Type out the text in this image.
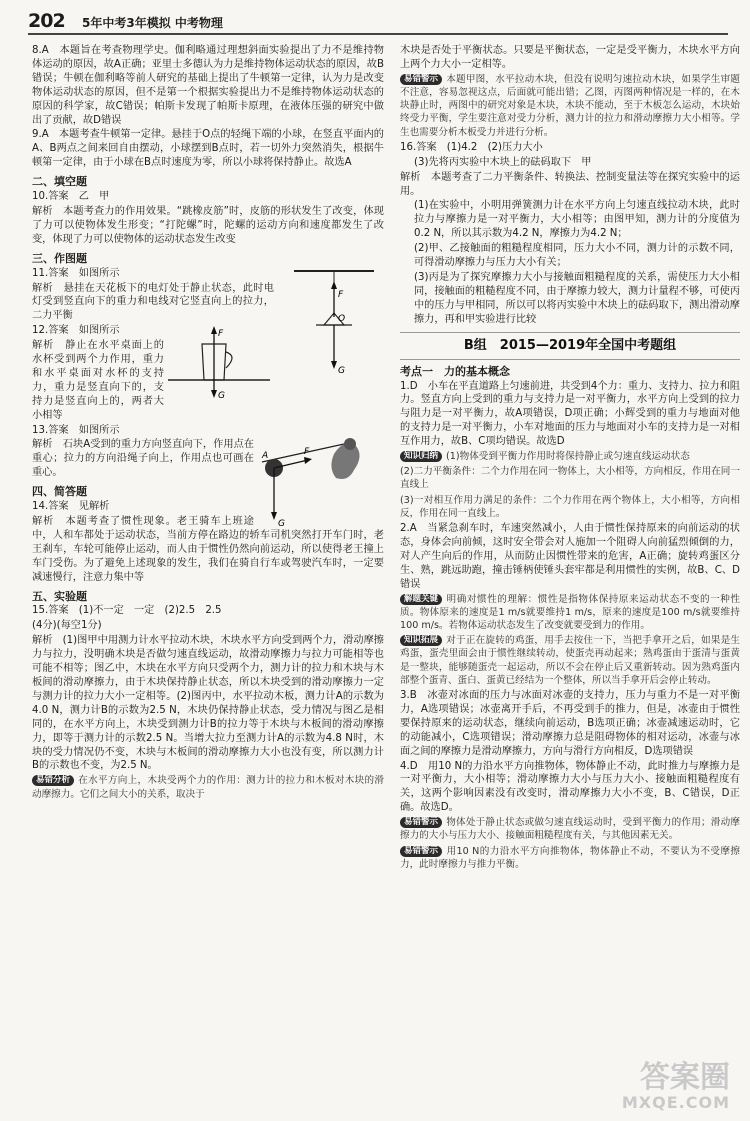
202 5年中考3年模拟 中考物理

8.A　本题旨在考查物理学史。伽利略通过理想斜面实验提出了力不是维持物体运动的原因，故A正确；亚里士多德认为力是维持物体运动状态的原因，故B错误；牛顿在伽利略等前人研究的基础上提出了牛顿第一定律，认为力是改变物体运动状态的原因，但不是第一个根据实验提出力不是维持物体运动状态的原因的科学家，故C错误；帕斯卡发现了帕斯卡原理，在液体压强的研究中做出了贡献，故D错误

9.A　本题考查牛顿第一定律。悬挂于O点的轻绳下端的小球，在竖直平面内的A、B两点之间来回自由摆动，小球摆到B点时，若一切外力突然消失，根据牛顿第一定律，由于小球在B点时速度为零，所以小球将保持静止。故选A

二、填空题

10.答案　乙　甲

解析　本题考查力的作用效果。“跳橡皮筋”时，皮筋的形状发生了改变，体现了力可以使物体发生形变；“打陀螺”时，陀螺的运动方向和速度都发生了改变，体现了力可以使物体的运动状态发生改变

三、作图题
F
O
G

11.答案　如图所示

解析　悬挂在天花板下的电灯处于静止状态，此时电灯受到竖直向下的重力和电线对它竖直向上的拉力，二力平衡

F
G

12.答案　如图所示

解析　静止在水平桌面上的水杯受到两个力作用，重力和水平桌面对水杯的支持力，重力是竖直向下的，支持力是竖直向上的，两者大小相等

A	F
G

13.答案　如图所示

解析　石块A受到的重力方向竖直向下，作用点在重心；拉力的方向沿绳子向上，作用点也可画在重心。

四、简答题

14.答案　见解析

解析　本题考查了惯性现象。老王骑车上班途中，人和车都处于运动状态，当前方停在路边的轿车司机突然打开车门时，老王刹车，车轮可能停止运动，而人由于惯性仍然向前运动，所以使得老王撞上车门受伤。为了避免上述现象的发生，我们在骑自行车或驾驶汽车时，一定要减速慢行，注意力集中等

五、实验题

15.答案　(1)不一定　一定　(2)2.5　2.5

(4分)(每空1分)

解析　(1)图甲中用测力计水平拉动木块，木块水平方向受到两个力，滑动摩擦力与拉力，没明确木块是否做匀速直线运动，故滑动摩擦力与拉力可能相等也可能不相等；图乙中，木块在水平方向只受两个力，测力计的拉力和木块与木板间的滑动摩擦力，由于木块保持静止状态，所以木块受到的滑动摩擦力一定与测力计的拉力大小一定相等。(2)图丙中，水平拉动木板，测力计A的示数为4.0 N，测力计B的示数为2.5 N，木块仍保持静止状态，受力情况与图乙是相同的，在水平方向上，木块受到测力计B的拉力等于木块与木板间的滑动摩擦力，即等于测力计的示数2.5 N。当增大拉力至测力计A的示数为4.8 N时，木块的受力情况仍不变，木块与木板间的滑动摩擦力大小也没有变，所以测力计B的示数也不变，为2.5 N。

易错分析 在水平方向上，木块受两个力的作用：测力计的拉力和木板对木块的滑动摩擦力。它们之间大小的关系，取决于

木块是否处于平衡状态。只要是平衡状态，一定是受平衡力，木块水平方向上两个力大小一定相等。

易错警示 本题甲图，水平拉动木块，但没有说明匀速拉动木块，如果学生审题不注意，容易忽视这点，后面就可能出错；乙图，丙图两种情况是一样的，在木块静止时，两图中的研究对象是木块，木块不能动，至于木板怎么运动，木块始终受力平衡，学生要注意对受力分析，测力计的拉力和滑动摩擦力大小相等。学生也需要分析木板受力并进行分析。

16.答案　(1)4.2　(2)压力大小

(3)先将丙实验中木块上的砝码取下　甲

解析　本题考查了二力平衡条件、转换法、控制变量法等在探究实验中的运用。

(1)在实验中，小明用弹簧测力计在水平方向上匀速直线拉动木块，此时拉力与摩擦力是一对平衡力，大小相等；由图甲知，测力计的分度值为0.2 N，所以其示数为4.2 N，摩擦力为4.2 N；

(2)甲、乙接触面的粗糙程度相同，压力大小不同，测力计的示数不同，可得滑动摩擦力与压力大小有关；

(3)丙是为了探究摩擦力大小与接触面粗糙程度的关系，需使压力大小相同，接触面的粗糙程度不同，由于摩擦力较大，测力计量程不够，可使丙中的压力与甲相同，所以可以将丙实验中木块上的砝码取下，测出滑动摩擦力，再和甲实验进行比较

B组　2015—2019年全国中考题组
考点一　力的基本概念

1.D　小车在平直道路上匀速前进，共受到4个力：重力、支持力、拉力和阻力。竖直方向上受到的重力与支持力是一对平衡力，水平方向上受到的拉力与阻力是一对平衡力，故A项错误，D项正确；小辉受到的重力与地面对他的支持力是一对平衡力，小车对地面的压力与地面对小车的支持力是一对相互作用力，故B、C项均错误。故选D

知识归纳 (1)物体受到平衡力作用时将保持静止或匀速直线运动状态

(2)二力平衡条件：二个力作用在同一物体上，大小相等，方向相反，作用在同一直线上

(3)一对相互作用力满足的条件：二个力作用在两个物体上，大小相等，方向相反，作用在同一直线上。

2.A　当紧急刹车时，车速突然减小，人由于惯性保持原来的向前运动的状态，身体会向前倾，这时安全带会对人施加一个阻碍人向前猛烈倾倒的力，对人产生向后的作用，从而防止因惯性带来的危害，A正确；旋转鸡蛋区分生、熟，跳远助跑，撞击锤柄使锤头套牢都是利用惯性的实例，故B、C、D错误

解题关键 明确对惯性的理解：惯性是指物体保持原来运动状态不变的一种性质。物体原来的速度是1 m/s就要维持1 m/s，原来的速度是100 m/s就要维持100 m/s。若物体运动状态发生了改变就要受到力的作用。

知识拓展 对于正在旋转的鸡蛋，用手去按住一下，当把手拿开之后，如果是生鸡蛋，蛋壳里面会由于惯性继续转动，使蛋壳再动起来；熟鸡蛋由于蛋清与蛋黄是一整块，能够随蛋壳一起运动，所以不会在停止后又重新转动。因为熟鸡蛋内部整个蛋青、蛋白、蛋黄已经结为一个整体，所以当手拿开后会停止转动。

3.B　冰壶对冰面的压力与冰面对冰壶的支持力，压力与重力不是一对平衡力，A选项错误；冰壶离开手后，不再受到手的推力，但是，冰壶由于惯性要保持原来的运动状态，继续向前运动，B选项正确；冰壶减速运动时，它的动能减小，C选项错误；滑动摩擦力总是阻碍物体的相对运动，冰壶与冰面之间的摩擦力是滑动摩擦力，方向与滑行方向相反，D选项错误

4.D　用10 N的力沿水平方向推物体，物体静止不动，此时推力与摩擦力是一对平衡力，大小相等；滑动摩擦力大小与压力大小、接触面粗糙程度有关，这两个影响因素没有改变时，滑动摩擦力大小不变，B、C错误，D正确。故选D。

易错警示 物体处于静止状态或做匀速直线运动时，受到平衡力的作用；滑动摩擦力的大小与压力大小、接触面粗糙程度有关，与其他因素无关。

易错警示 用10 N的力沿水平方向推物体，物体静止不动，不要认为不受摩擦力，此时摩擦力与推力平衡。

答案圈
MXQE.COM
